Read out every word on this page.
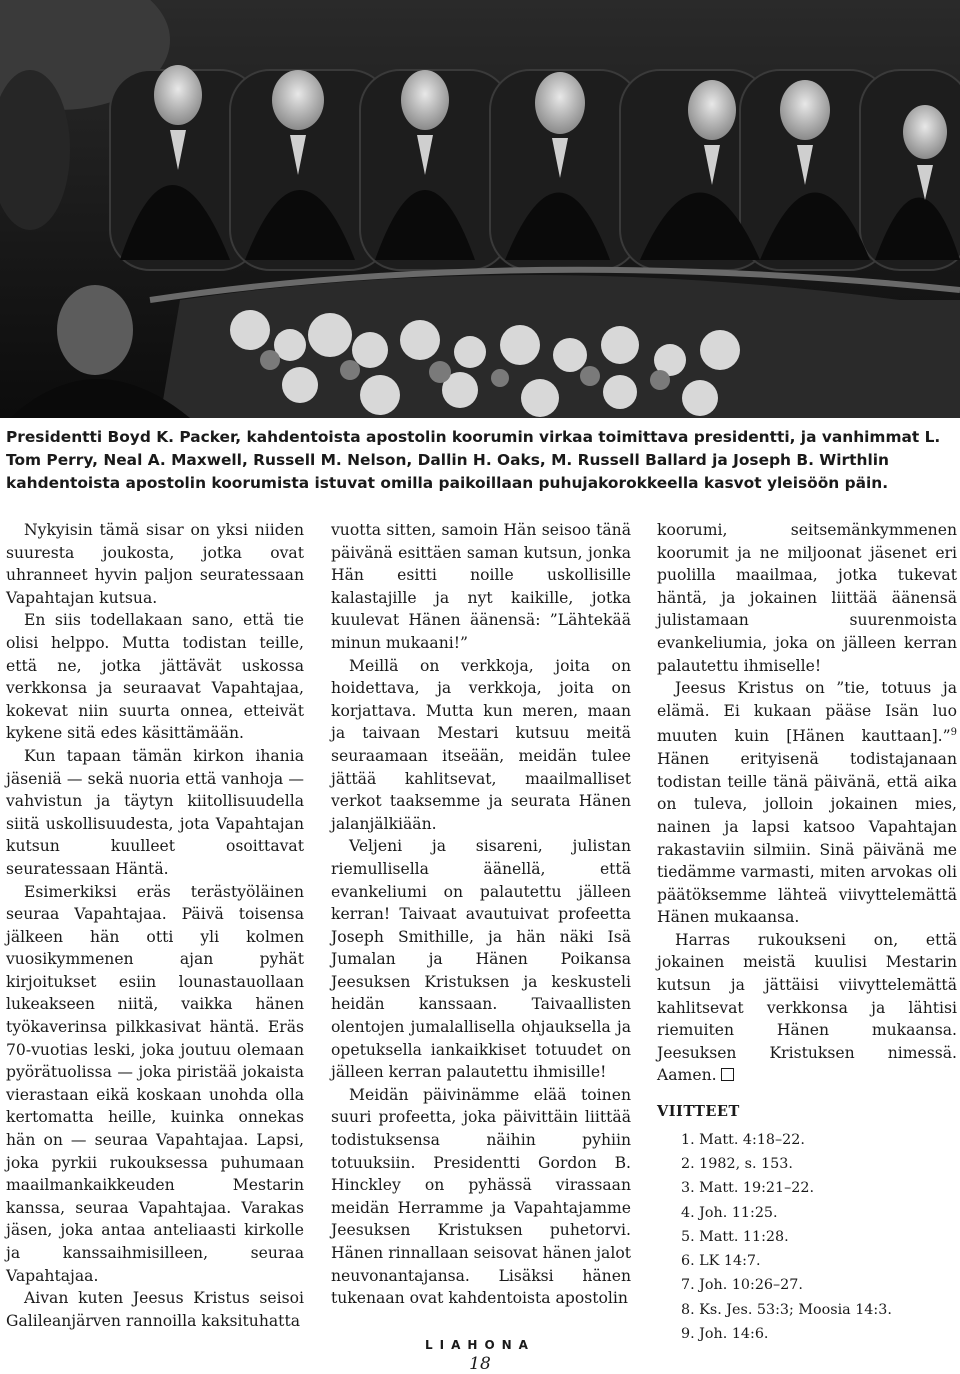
Presidentti Boyd K. Packer, kahdentoista apostolin koorumin virkaa toimittava presidentti, ja vanhimmat L. Tom Perry, Neal A. Maxwell, Russell M. Nelson, Dallin H. Oaks, M. Russell Ballard ja Joseph B. Wirthlin kahdentoista apostolin koorumista istuvat omilla paikoillaan puhujakorokkeella kasvot yleisöön päin.

Nykyisin tämä sisar on yksi niiden suuresta joukosta, jotka ovat uhranneet hyvin paljon seuratessaan Vapahtajan kutsua.

En siis todellakaan sano, että tie olisi helppo. Mutta todistan teille, että ne, jotka jättävät uskossa verkkonsa ja seuraavat Vapahtajaa, kokevat niin suurta onnea, etteivät kykene sitä edes käsittämään.

Kun tapaan tämän kirkon ihania jäseniä — sekä nuoria että vanhoja — vahvistun ja täytyn kiitollisuudella siitä uskollisuudesta, jota Vapahtajan kutsun kuulleet osoittavat seuratessaan Häntä.

Esimerkiksi eräs terästyöläinen seuraa Vapahtajaa. Päivä toisensa jälkeen hän otti yli kolmen vuosikymmenen ajan pyhät kirjoitukset esiin lounastauollaan lukeakseen niitä, vaikka hänen työkaverinsa pilkkasivat häntä. Eräs 70-vuotias leski, joka joutuu olemaan pyörätuolissa — joka piristää jokaista vierastaan eikä koskaan unohda olla kertomatta heille, kuinka onnekas hän on — seuraa Vapahtajaa. Lapsi, joka pyrkii rukouksessa puhumaan maailmankaikkeuden Mestarin kanssa, seuraa Vapahtajaa. Varakas jäsen, joka antaa anteliaasti kirkolle ja kanssaihmisilleen, seuraa Vapahtajaa.

Aivan kuten Jeesus Kristus seisoi Galileanjärven rannoilla kaksituhatta

vuotta sitten, samoin Hän seisoo tänä päivänä esittäen saman kutsun, jonka Hän esitti noille uskollisille kalastajille ja nyt kaikille, jotka kuulevat Hänen äänensä: ”Lähtekää minun mukaani!”

Meillä on verkkoja, joita on hoidettava, ja verkkoja, joita on korjattava. Mutta kun meren, maan ja taivaan Mestari kutsuu meitä seuraamaan itseään, meidän tulee jättää kahlitsevat, maailmalliset verkot taaksemme ja seurata Hänen jalanjälkiään.

Veljeni ja sisareni, julistan riemullisella äänellä, että evankeliumi on palautettu jälleen kerran! Taivaat avautuivat profeetta Joseph Smithille, ja hän näki Isä Jumalan ja Hänen Poikansa Jeesuksen Kristuksen ja keskusteli heidän kanssaan. Taivaallisten olentojen jumalallisella ohjauksella ja opetuksella iankaikkiset totuudet on jälleen kerran palautettu ihmisille!

Meidän päivinämme elää toinen suuri profeetta, joka päivittäin liittää todistuksensa näihin pyhiin totuuksiin. Presidentti Gordon B. Hinckley on pyhässä virassaan meidän Herramme ja Vapahtajamme Jeesuksen Kristuksen puhetorvi. Hänen rinnallaan seisovat hänen jalot neuvonantajansa. Lisäksi hänen tukenaan ovat kahdentoista apostolin

koorumi, seitsemänkymmenen koorumit ja ne miljoonat jäsenet eri puolilla maailmaa, jotka tukevat häntä, ja jokainen liittää äänensä julistamaan suurenmoista evankeliumia, joka on jälleen kerran palautettu ihmiselle!

Jeesus Kristus on ”tie, totuus ja elämä. Ei kukaan pääse Isän luo muuten kuin [Hänen kauttaan].”$^9$ Hänen erityisenä todistajanaan todistan teille tänä päivänä, että aika on tuleva, jolloin jokainen mies, nainen ja lapsi katsoo Vapahtajan rakastaviin silmiin. Sinä päivänä me tiedämme varmasti, miten arvokas oli päätöksemme lähteä viivyttelemättä Hänen mukaansa.

Harras rukoukseni on, että jokainen meistä kuulisi Mestarin kutsun ja jättäisi viivyttelemättä kahlitsevat verkkonsa ja lähtisi riemuiten Hänen mukaansa. Jeesuksen Kristuksen nimessä. Aamen.

VIITTEET
1. Matt. 4:18–22.
2. 1982, s. 153.
3. Matt. 19:21–22.
4. Joh. 11:25.
5. Matt. 11:28.
6. LK 14:7.
7. Joh. 10:26–27.
8. Ks. Jes. 53:3; Moosia 14:3.
9. Joh. 14:6.
LIAHONA
18
